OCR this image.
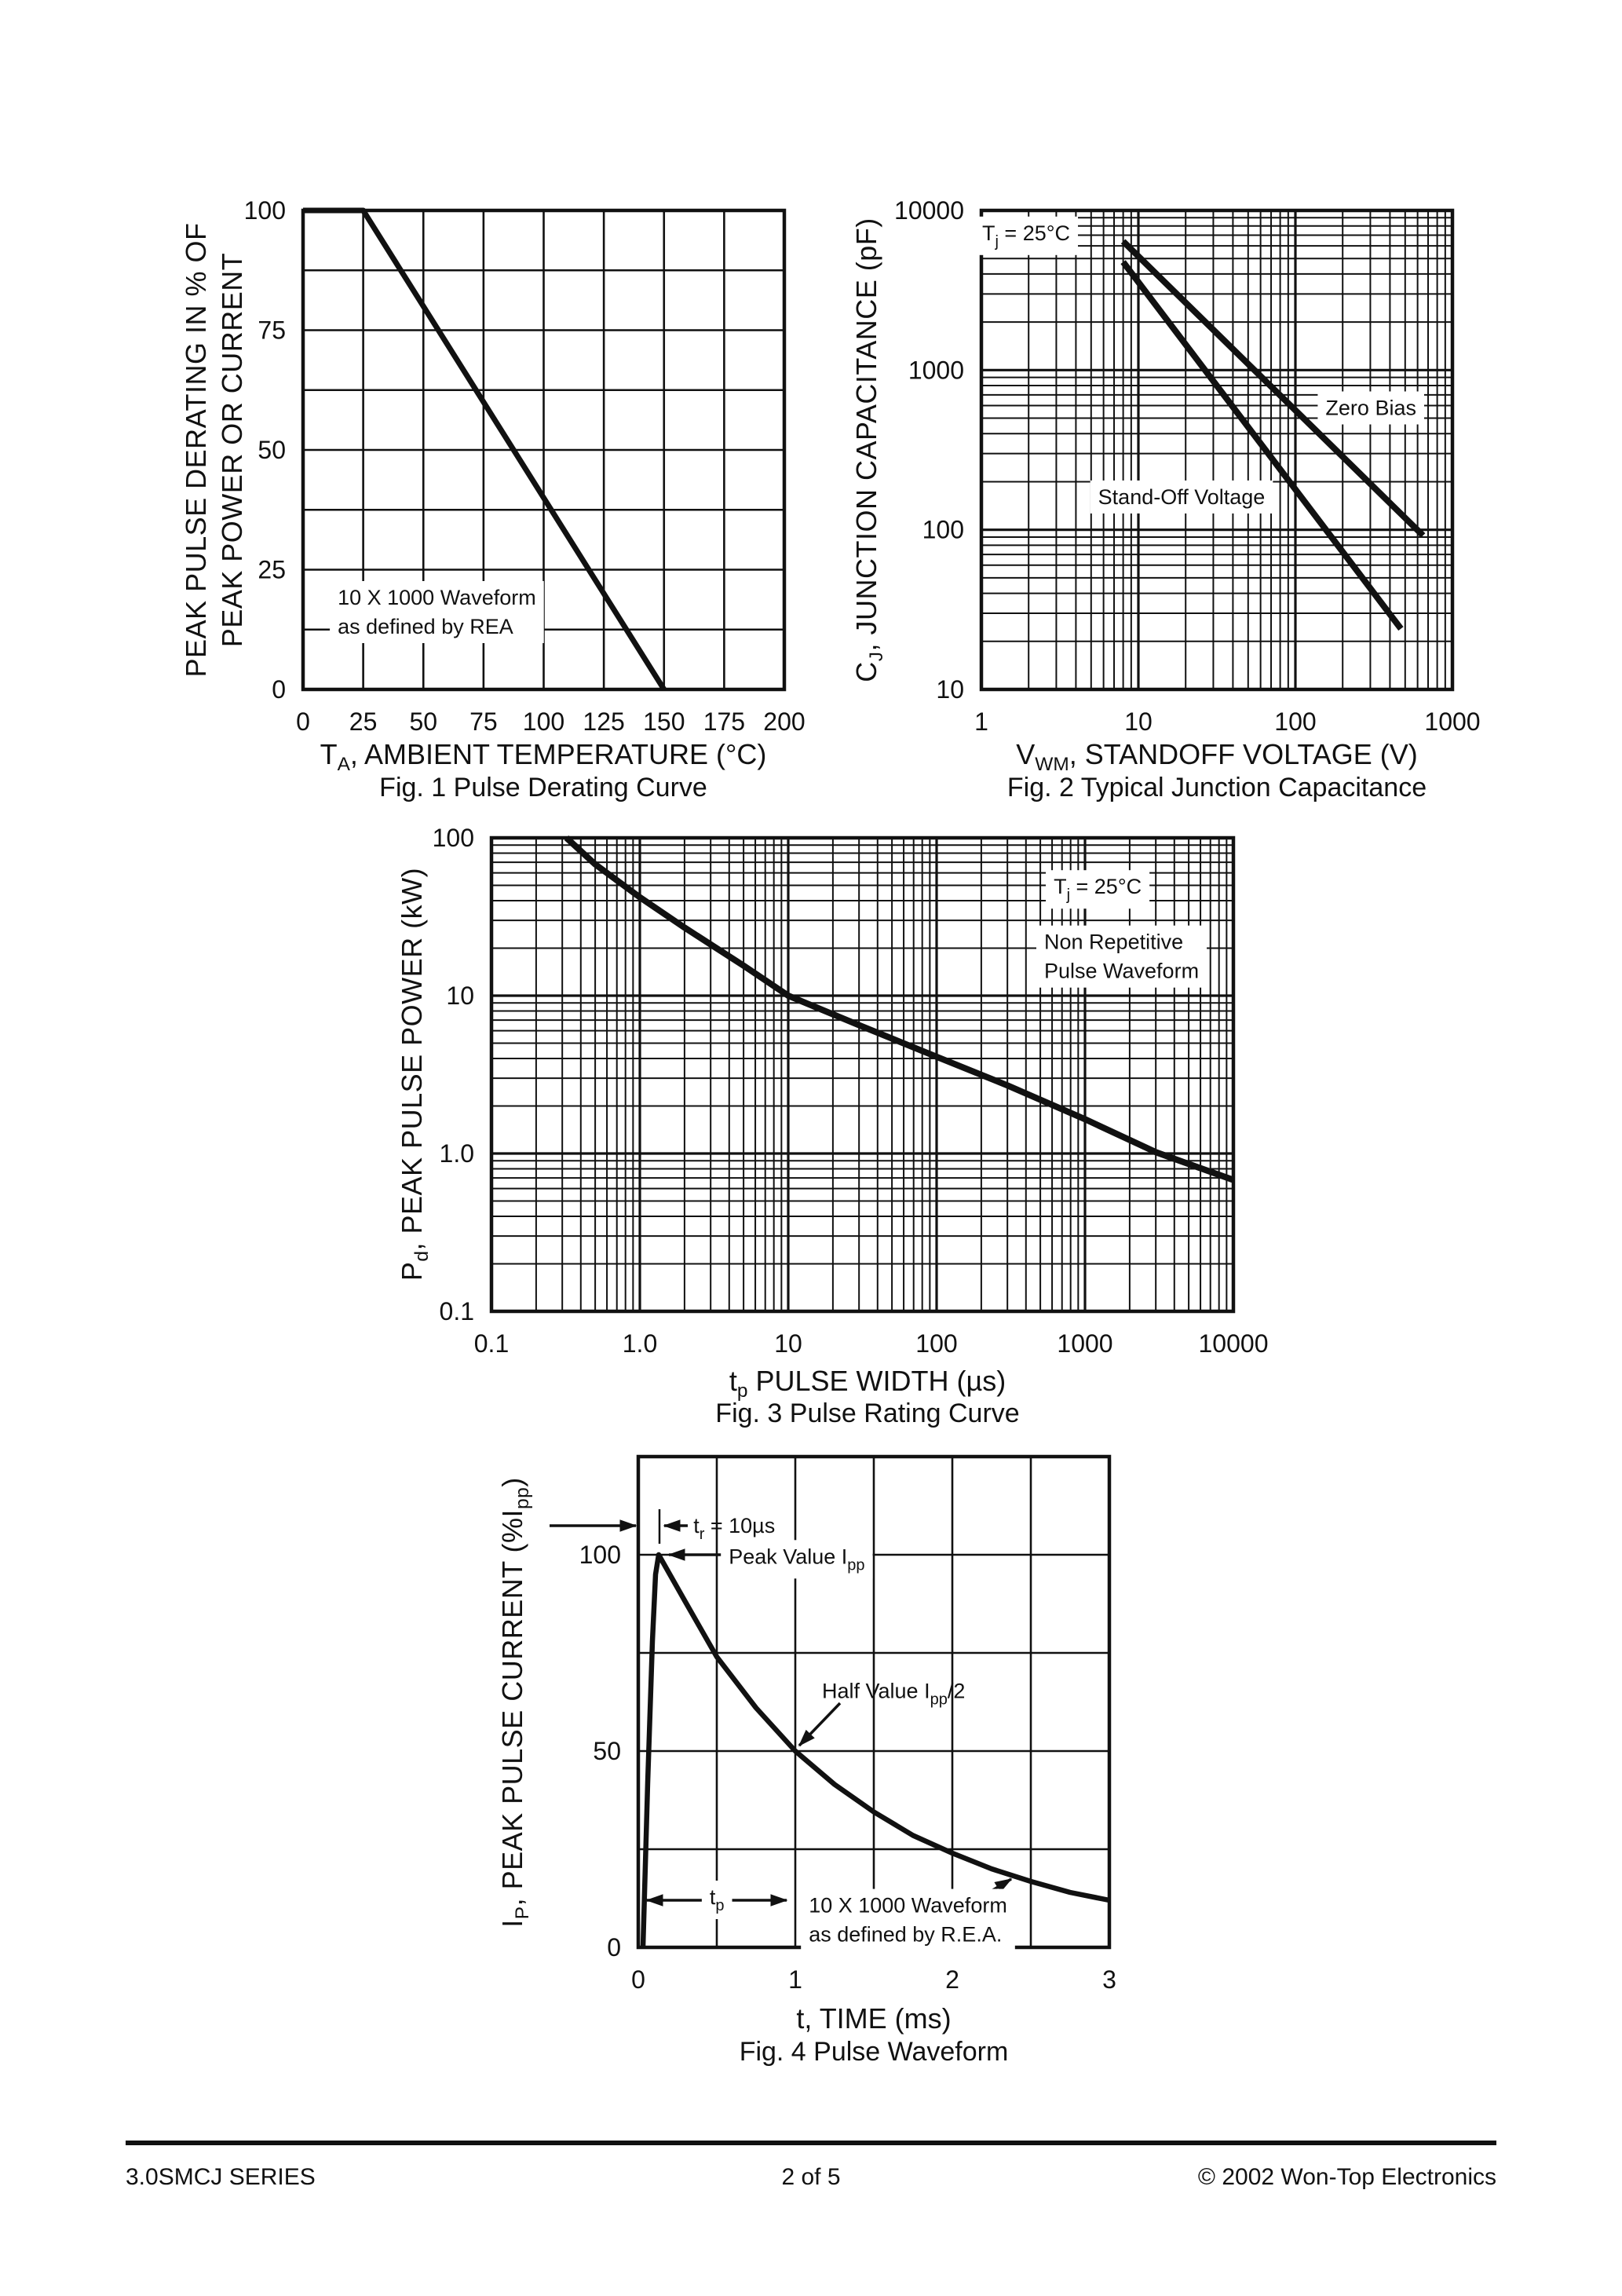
0 25 50 75 100 125 150 175 200
100
75
50
25
0
10 X 1000 Waveform
as defined by REA
1	10	100	1000
10000
1000
100
10
$T_j = 25^\circ C$
Zero Bias
Stand-Off Voltage
0.1	1.0	10	100	1000	10000
100
10
1.0
0.1
$T_j = 25^\circ C$
Non Repetitive
Pulse Waveform
0	1	2	3
100
50
0
$t_r = 10\mu s$
Peak Value $I_{pp}$
Half Value $I_{pp}/2$
$t_p$	10 X 1000 Waveform
as defined by R.E.A.
PEAK PULSE DERATING IN % OF PEAK POWER OR CURRENT
$T_A$, AMBIENT TEMPERATURE (°C)
Fig. 1 Pulse Derating Curve
$C_J$, JUNCTION CAPACITANCE (pF)
$V_{WM}$, STANDOFF VOLTAGE (V)
Fig. 2 Typical Junction Capacitance
$P_d$, PEAK PULSE POWER (kW)
$t_p$ PULSE WIDTH (µs)
Fig. 3 Pulse Rating Curve
$I_P$, PEAK PULSE CURRENT $(\%I_{pp})$
t, TIME (ms)
Fig. 4 Pulse Waveform
3.0SMCJ SERIES	2 of 5	© 2002 Won-Top Electronics
